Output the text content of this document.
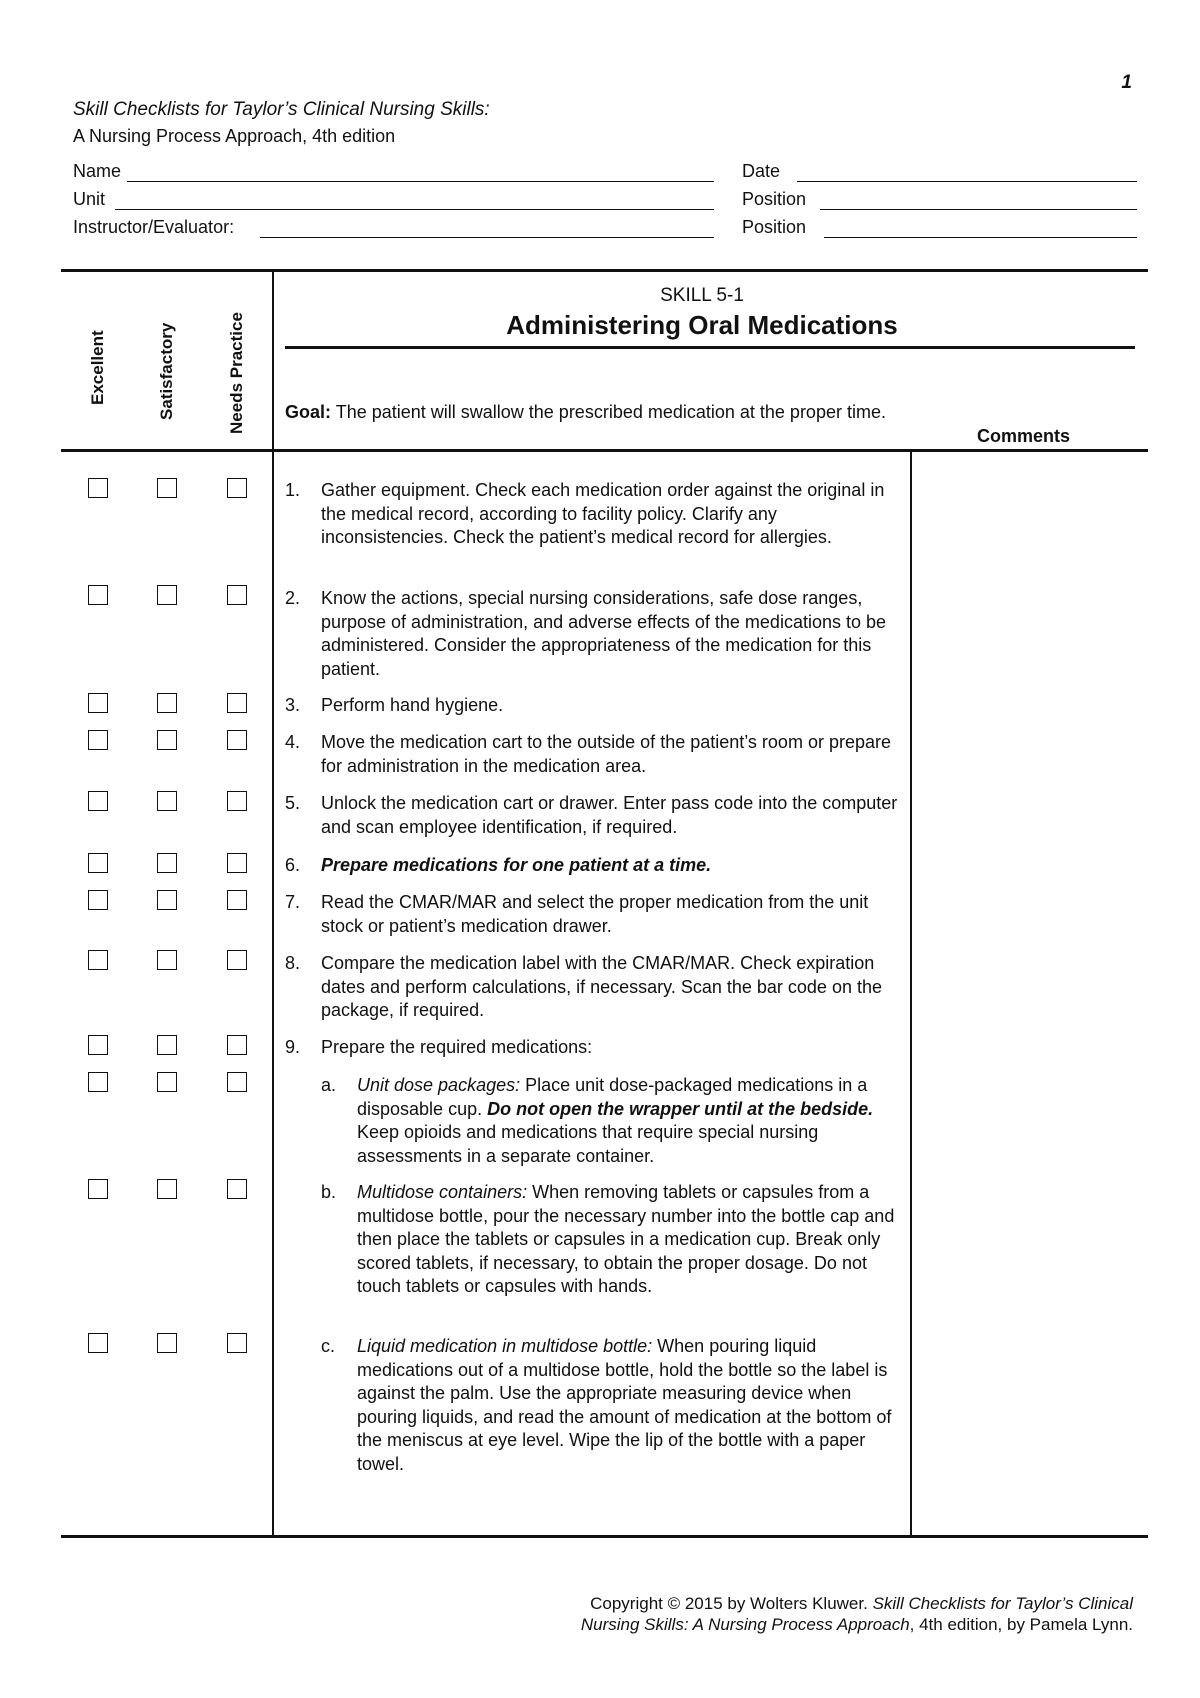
1
Skill Checklists for Taylor’s Clinical Nursing Skills:
A Nursing Process Approach, 4th edition
Name
Unit
Instructor/Evaluator:
Date
Position
Position
Excellent	Satisfactory	Needs Practice
SKILL 5-1
Administering Oral Medications
Goal: The patient will swallow the prescribed medication at the proper time.
Comments
1. Gather equipment. Check each medication order against the original in the medical record, according to facility policy. Clarify any inconsistencies. Check the patient’s medical record for allergies.
2. Know the actions, special nursing considerations, safe dose ranges, purpose of administration, and adverse effects of the medications to be administered. Consider the appropriateness of the medication for this patient.
3. Perform hand hygiene.
4. Move the medication cart to the outside of the patient’s room or prepare for administration in the medication area.
5. Unlock the medication cart or drawer. Enter pass code into the computer and scan employee identification, if required.
6. Prepare medications for one patient at a time.
7. Read the CMAR/MAR and select the proper medication from the unit stock or patient’s medication drawer.
8. Compare the medication label with the CMAR/MAR. Check expiration dates and perform calculations, if necessary. Scan the bar code on the package, if required.
9. Prepare the required medications:
a. Unit dose packages: Place unit dose-packaged medications in a disposable cup. Do not open the wrapper until at the bedside. Keep opioids and medications that require special nursing assessments in a separate container.
b. Multidose containers: When removing tablets or capsules from a multidose bottle, pour the necessary number into the bottle cap and then place the tablets or capsules in a medication cup. Break only scored tablets, if necessary, to obtain the proper dosage. Do not touch tablets or capsules with hands.
c. Liquid medication in multidose bottle: When pouring liquid medications out of a multidose bottle, hold the bottle so the label is against the palm. Use the appropriate measuring device when pouring liquids, and read the amount of medication at the bottom of the meniscus at eye level. Wipe the lip of the bottle with a paper towel.
Copyright © 2015 by Wolters Kluwer. Skill Checklists for Taylor’s Clinical
Nursing Skills: A Nursing Process Approach, 4th edition, by Pamela Lynn.
